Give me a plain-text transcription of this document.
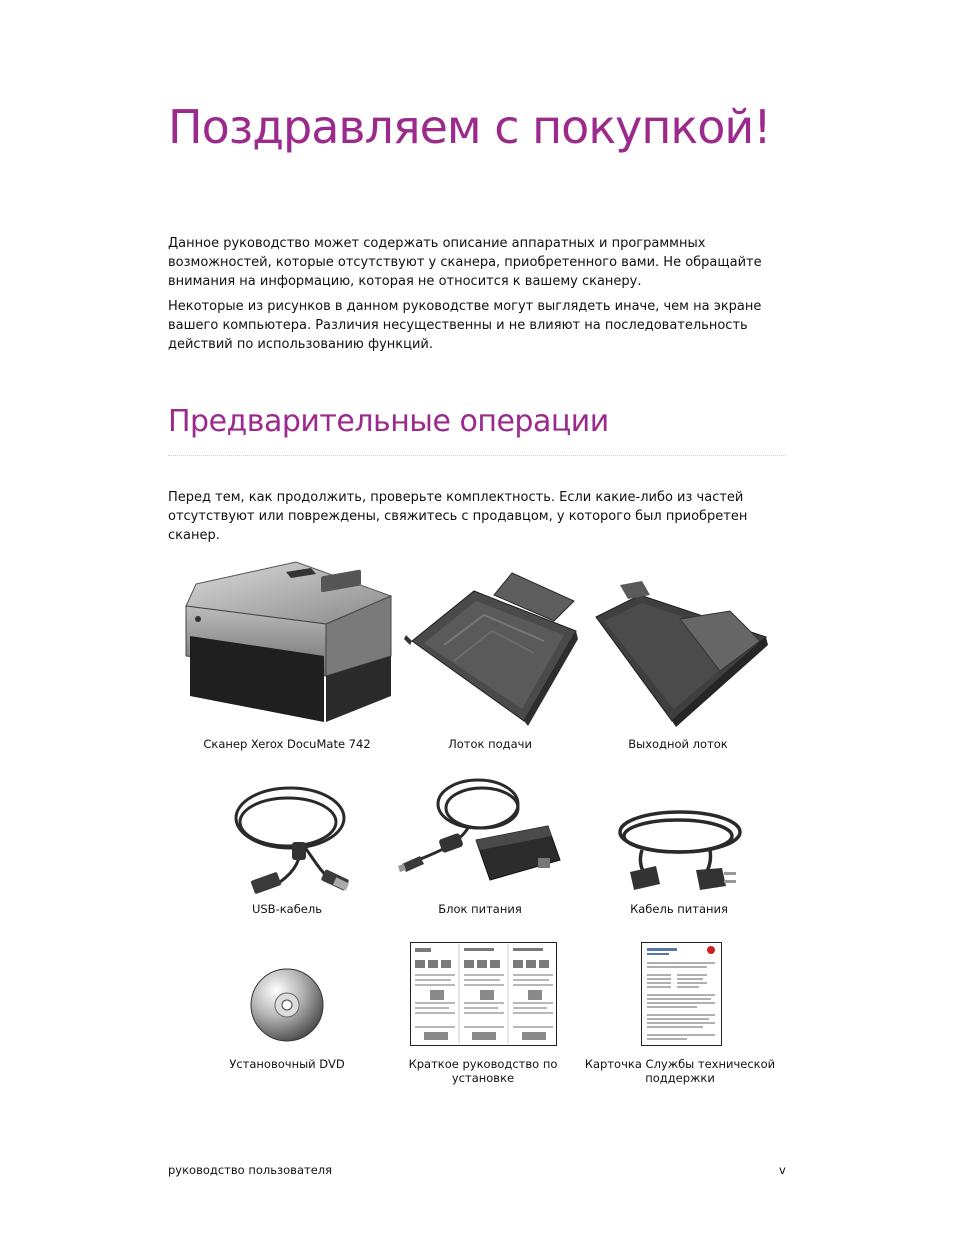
Поздравляем с покупкой!

Данное руководство может содержать описание аппаратных и программных возможностей, которые отсутствуют у сканера, приобретенного вами. Не обращайте внимания на информацию, которая не относится к вашему сканеру.

Некоторые из рисунков в данном руководстве могут выглядеть иначе, чем на экране вашего компьютера. Различия несущественны и не влияют на последовательность действий по использованию функций.

Предварительные операции

Перед тем, как продолжить, проверьте комплектность. Если какие-либо из частей отсутствуют или повреждены, свяжитесь с продавцом, у которого был приобретен сканер.

Сканер Xerox DocuMate 742	Лоток подачи	Выходной лоток
USB-кабель	Блок питания	Кабель питания
Установочный DVD	Краткое руководство по установке
Карточка Службы технической поддержки
руководство пользователя	v
